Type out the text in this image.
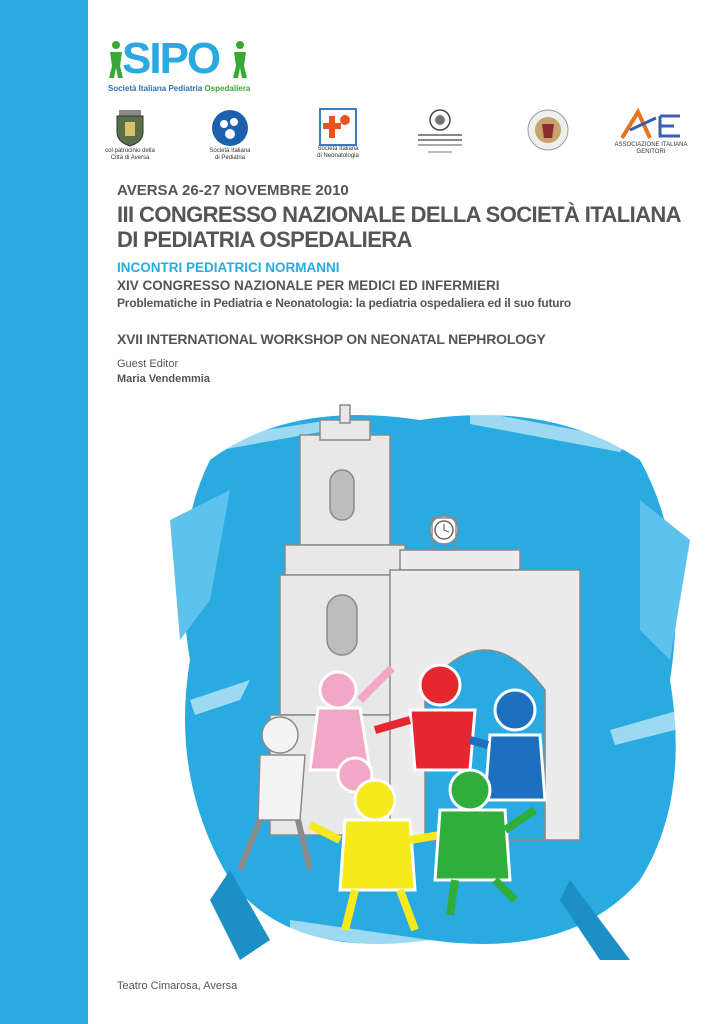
SIPO
Società Italiana Pediatria Ospedaliera
col patrocinio della
Città di Aversa
Società Italiana
di Pediatria
Società Italiana
di Neonatologia
ASSOCIAZIONE ITALIANA GENITORI
AVERSA 26-27 NOVEMBRE 2010
III CONGRESSO NAZIONALE DELLA SOCIETÀ ITALIANA
DI PEDIATRIA OSPEDALIERA
INCONTRI PEDIATRICI NORMANNI
XIV CONGRESSO NAZIONALE PER MEDICI ED INFERMIERI
Problematiche in Pediatria e Neonatologia: la pediatria ospedaliera ed il suo futuro
XVII INTERNATIONAL WORKSHOP ON NEONATAL NEPHROLOGY
Guest Editor
Maria Vendemmia
Teatro Cimarosa, Aversa
